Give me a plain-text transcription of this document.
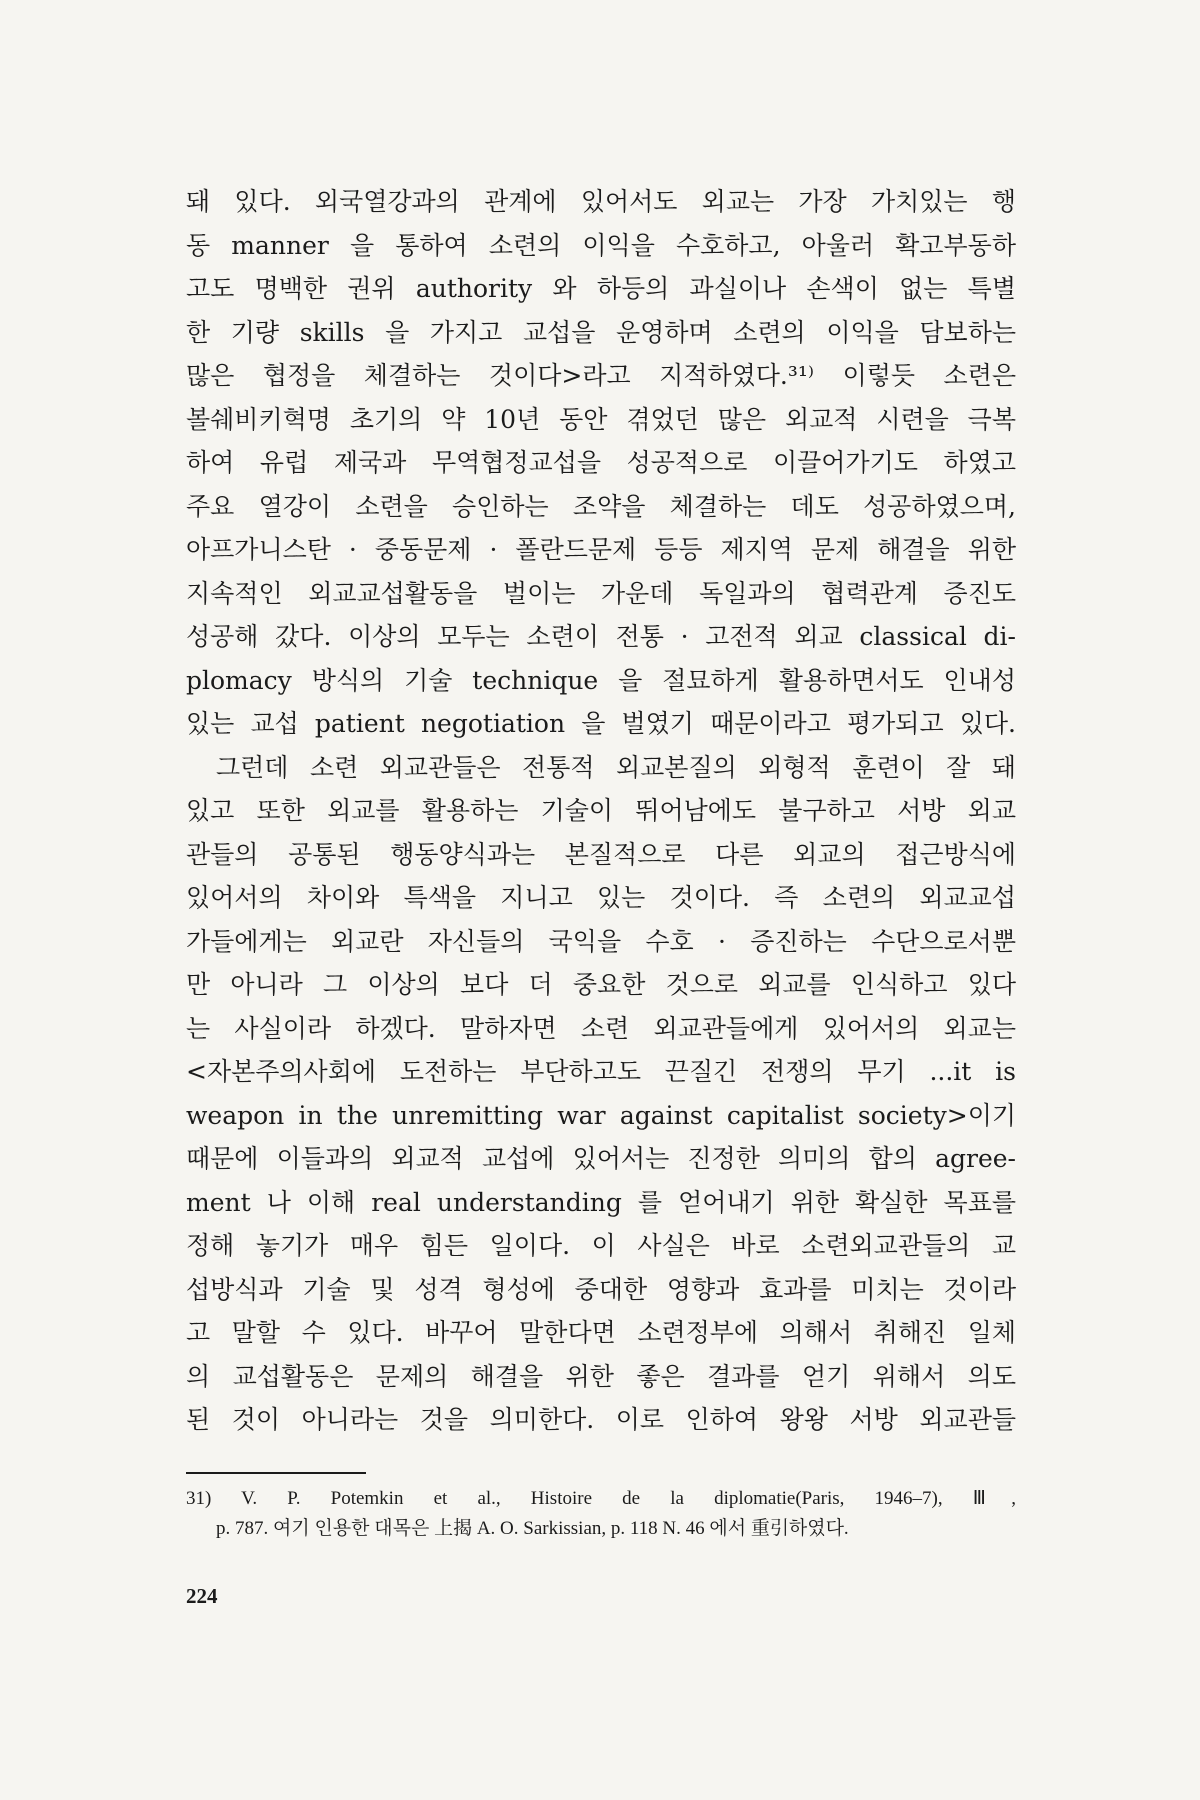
돼 있다. 외국열강과의 관계에 있어서도 외교는 가장 가치있는 행
동 manner 을 통하여 소련의 이익을 수호하고, 아울러 확고부동하
고도 명백한 권위 authority 와 하등의 과실이나 손색이 없는 특별
한 기량 skills 을 가지고 교섭을 운영하며 소련의 이익을 담보하는
많은 협정을 체결하는 것이다>라고 지적하였다.³¹⁾ 이렇듯 소련은
볼쉐비키혁명 초기의 약 10년 동안 겪었던 많은 외교적 시련을 극복
하여 유럽 제국과 무역협정교섭을 성공적으로 이끌어가기도 하였고
주요 열강이 소련을 승인하는 조약을 체결하는 데도 성공하였으며,
아프가니스탄 · 중동문제 · 폴란드문제 등등 제지역 문제 해결을 위한
지속적인 외교교섭활동을 벌이는 가운데 독일과의 협력관계 증진도
성공해 갔다. 이상의 모두는 소련이 전통 · 고전적 외교 classical di-
plomacy 방식의 기술 technique 을 절묘하게 활용하면서도 인내성
있는 교섭 patient negotiation 을 벌였기 때문이라고 평가되고 있다.
그런데 소련 외교관들은 전통적 외교본질의 외형적 훈련이 잘 돼
있고 또한 외교를 활용하는 기술이 뛰어남에도 불구하고 서방 외교
관들의 공통된 행동양식과는 본질적으로 다른 외교의 접근방식에
있어서의 차이와 특색을 지니고 있는 것이다. 즉 소련의 외교교섭
가들에게는 외교란 자신들의 국익을 수호 · 증진하는 수단으로서뿐
만 아니라 그 이상의 보다 더 중요한 것으로 외교를 인식하고 있다
는 사실이라 하겠다. 말하자면 소련 외교관들에게 있어서의 외교는
<자본주의사회에 도전하는 부단하고도 끈질긴 전쟁의 무기 ...it is
weapon in the unremitting war against capitalist society>이기
때문에 이들과의 외교적 교섭에 있어서는 진정한 의미의 합의 agree-
ment 나 이해 real understanding 를 얻어내기 위한 확실한 목표를
정해 놓기가 매우 힘든 일이다. 이 사실은 바로 소련외교관들의 교
섭방식과 기술 및 성격 형성에 중대한 영향과 효과를 미치는 것이라
고 말할 수 있다. 바꾸어 말한다면 소련정부에 의해서 취해진 일체
의 교섭활동은 문제의 해결을 위한 좋은 결과를 얻기 위해서 의도
된 것이 아니라는 것을 의미한다. 이로 인하여 왕왕 서방 외교관들
31) V. P. Potemkin et al., Histoire de la diplomatie(Paris, 1946–7), Ⅲ,
p. 787. 여기 인용한 대목은 上揭 A. O. Sarkissian, p. 118 N. 46 에서 重引하였다.
224
